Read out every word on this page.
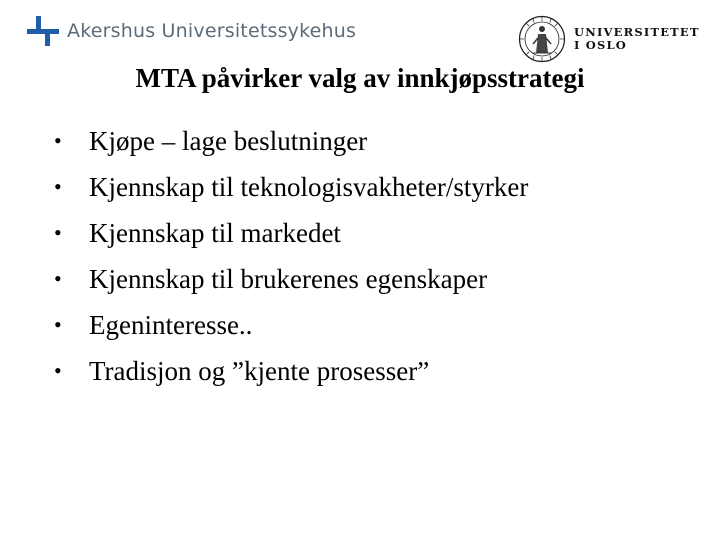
Akershus Universitetssykehus	UNIVERSITETET
I OSLO
MTA påvirker valg av innkjøpsstrategi
•	Kjøpe – lage beslutninger
•	Kjennskap til teknologisvakheter/styrker
•	Kjennskap til markedet
•	Kjennskap til brukerenes egenskaper
•	Egeninteresse..
•	Tradisjon og ”kjente prosesser”
